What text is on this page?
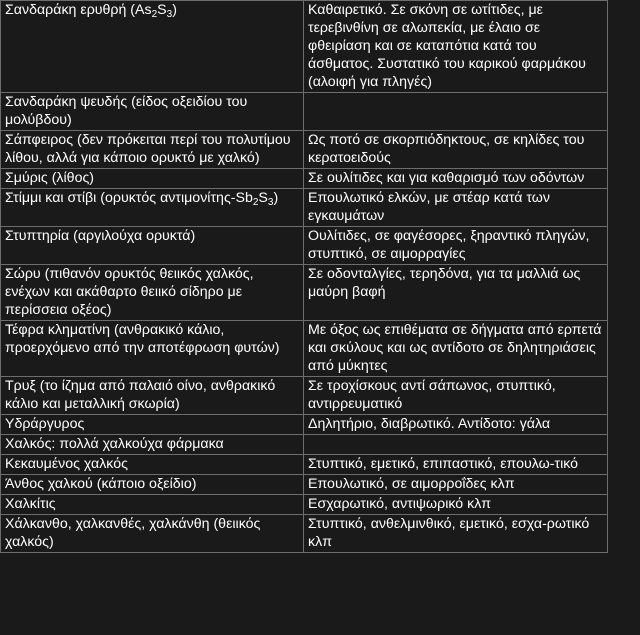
Σανδαράκη ερυθρή $(As_2S_3)$	Καθαιρετικό. Σε σκόνη σε ωτίτιδες, με τερεβινθίνη σε αλωπεκία, με έλαιο σε φθειρίαση και σε καταπότια κατά του άσθματος. Συστατικό του καρικού φαρμάκου (αλοιφή για πληγές)
Σανδαράκη ψευδής (είδος οξειδίου του μολύβδου)	
Σάπφειρος (δεν πρόκειται περί του πολυτίμου λίθου, αλλά για κάποιο ορυκτό με χαλκό)	Ως ποτό σε σκορπιόδηκτους, σε κηλίδες του κερατοειδούς
Σμύρις (λίθος)	Σε ουλίτιδες και για καθαρισμό των οδόντων
Στίμμι και στίβι (ορυκτός αντιμονίτης-$Sb_2S_3$)	Επουλωτικό ελκών, με στέαρ κατά των εγκαυμάτων
Στυπτηρία (αργιλούχα ορυκτά)	Ουλίτιδες, σε φαγέσορες, ξηραντικό πληγών, στυπτικό, σε αιμορραγίες
Σώρυ (πιθανόν ορυκτός θειικός χαλκός, ενέχων και ακάθαρτο θειικό σίδηρο με περίσσεια οξέος)	Σε οδονταλγίες, τερηδόνα, για τα μαλλιά ως μαύρη βαφή
Τέφρα κληματίνη (ανθρακικό κάλιο, προερχόμενο από την αποτέφρωση φυτών)	Με όξος ως επιθέματα σε δήγματα από ερπετά και σκύλους και ως αντίδοτο σε δηλητηριάσεις από μύκητες
Τρυξ (το ίζημα από παλαιό οίνο, ανθρακικό κάλιο και μεταλλική σκωρία)	Σε τροχίσκους αντί σάπωνος, στυπτικό, αντιρρευματικό
Υδράργυρος	Δηλητήριο, διαβρωτικό. Αντίδοτο: γάλα
Χαλκός: πολλά χαλκούχα φάρμακα	
Κεκαυμένος χαλκός	Στυπτικό, εμετικό, επιπαστικό, επουλω-τικό
Άνθος χαλκού (κάποιο οξείδιο)	Επουλωτικό, σε αιμορροΐδες κλπ
Χαλκίτις	Εσχαρωτικό, αντιψωρικό κλπ
Χάλκανθο, χαλκανθές, χαλκάνθη (θειικός χαλκός)	Στυπτικό, ανθελμινθικό, εμετικό, εσχα-ρωτικό κλπ
